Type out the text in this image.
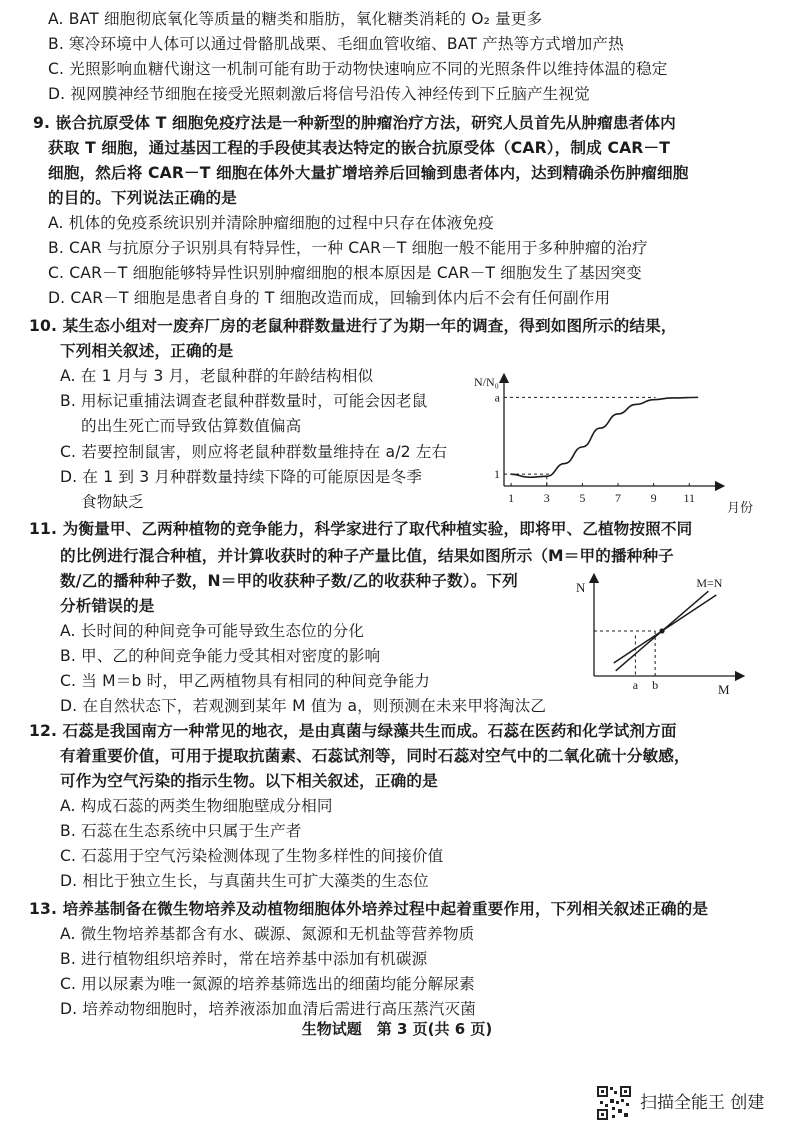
A. BAT 细胞彻底氧化等质量的糖类和脂肪，氧化糖类消耗的 O₂ 量更多
B. 寒冷环境中人体可以通过骨骼肌战栗、毛细血管收缩、BAT 产热等方式增加产热
C. 光照影响血糖代谢这一机制可能有助于动物快速响应不同的光照条件以维持体温的稳定
D. 视网膜神经节细胞在接受光照刺激后将信号沿传入神经传到下丘脑产生视觉
9. 嵌合抗原受体 T 细胞免疫疗法是一种新型的肿瘤治疗方法，研究人员首先从肿瘤患者体内
获取 T 细胞，通过基因工程的手段使其表达特定的嵌合抗原受体（CAR），制成 CAR－T
细胞，然后将 CAR－T 细胞在体外大量扩增培养后回输到患者体内，达到精确杀伤肿瘤细胞
的目的。下列说法正确的是
A. 机体的免疫系统识别并清除肿瘤细胞的过程中只存在体液免疫
B. CAR 与抗原分子识别具有特异性，一种 CAR－T 细胞一般不能用于多种肿瘤的治疗
C. CAR－T 细胞能够特异性识别肿瘤细胞的根本原因是 CAR－T 细胞发生了基因突变
D. CAR－T 细胞是患者自身的 T 细胞改造而成，回输到体内后不会有任何副作用
10. 某生态小组对一废弃厂房的老鼠种群数量进行了为期一年的调查，得到如图所示的结果，
下列相关叙述，正确的是
A. 在 1 月与 3 月，老鼠种群的年龄结构相似
B. 用标记重捕法调查老鼠种群数量时，可能会因老鼠
的出生死亡而导致估算数值偏高
C. 若要控制鼠害，则应将老鼠种群数量维持在 a/2 左右
D. 在 1 到 3 月种群数量持续下降的可能原因是冬季
食物缺乏
N/N₀
月份
1 3 5 7 9 11
a
1
11. 为衡量甲、乙两种植物的竞争能力，科学家进行了取代种植实验，即将甲、乙植物按照不同
的比例进行混合种植，并计算收获时的种子产量比值，结果如图所示（M＝甲的播种种子
数/乙的播种种子数，N＝甲的收获种子数/乙的收获种子数）。下列
分析错误的是
A. 长时间的种间竞争可能导致生态位的分化
B. 甲、乙的种间竞争能力受其相对密度的影响
C. 当 M＝b 时，甲乙两植物具有相同的种间竞争能力
D. 在自然状态下，若观测到某年 M 值为 a，则预测在未来甲将淘汰乙
N
M
M=N
a b
12. 石蕊是我国南方一种常见的地衣，是由真菌与绿藻共生而成。石蕊在医药和化学试剂方面
有着重要价值，可用于提取抗菌素、石蕊试剂等，同时石蕊对空气中的二氧化硫十分敏感，
可作为空气污染的指示生物。以下相关叙述，正确的是
A. 构成石蕊的两类生物细胞壁成分相同
B. 石蕊在生态系统中只属于生产者
C. 石蕊用于空气污染检测体现了生物多样性的间接价值
D. 相比于独立生长，与真菌共生可扩大藻类的生态位
13. 培养基制备在微生物培养及动植物细胞体外培养过程中起着重要作用，下列相关叙述正确的是
A. 微生物培养基都含有水、碳源、氮源和无机盐等营养物质
B. 进行植物组织培养时，常在培养基中添加有机碳源
C. 用以尿素为唯一氮源的培养基筛选出的细菌均能分解尿素
D. 培养动物细胞时，培养液添加血清后需进行高压蒸汽灭菌
生物试题　第 3 页(共 6 页)
扫描全能王 创建
